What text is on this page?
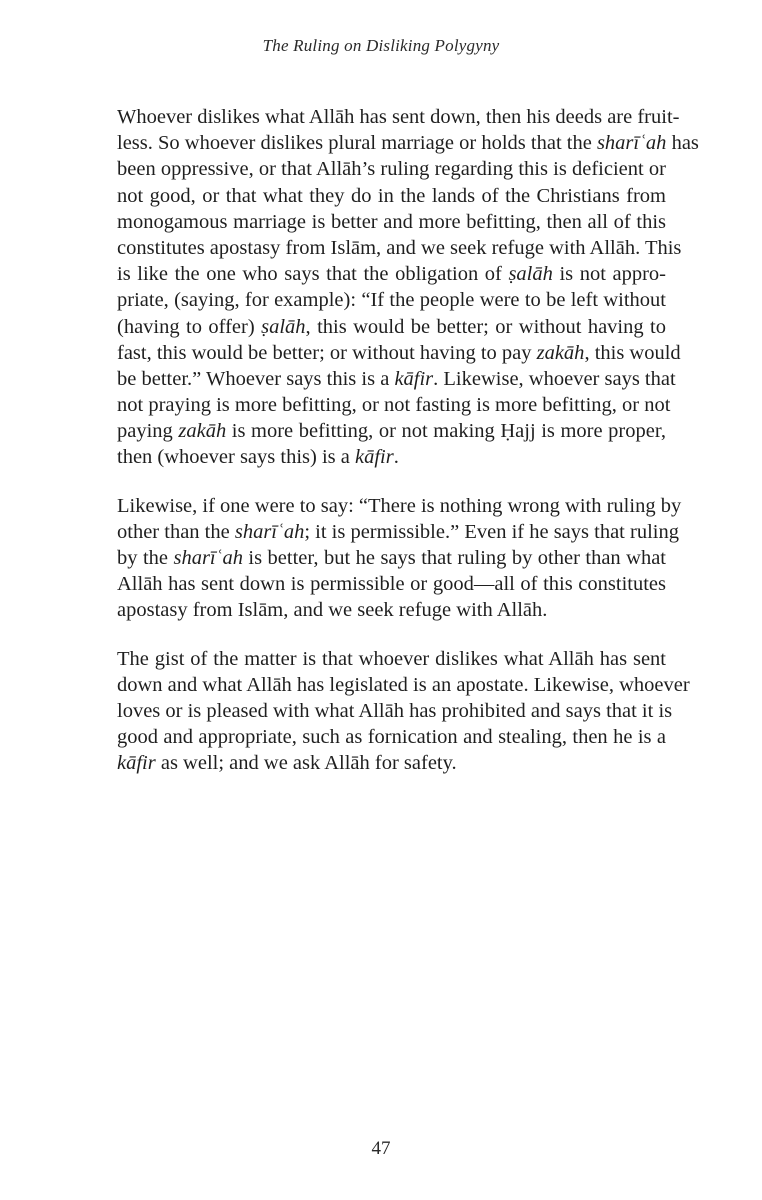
The Ruling on Disliking Polygyny
Whoever dislikes what Allāh has sent down, then his deeds are fruit-
less. So whoever dislikes plural marriage or holds that the sharīʿah has
been oppressive, or that Allāh’s ruling regarding this is deficient or
not good, or that what they do in the lands of the Christians from
monogamous marriage is better and more befitting, then all of this
constitutes apostasy from Islām, and we seek refuge with Allāh. This
is like the one who says that the obligation of ṣalāh is not appro-
priate, (saying, for example): “If the people were to be left without
(having to offer) ṣalāh, this would be better; or without having to
fast, this would be better; or without having to pay zakāh, this would
be better.” Whoever says this is a kāfir. Likewise, whoever says that
not praying is more befitting, or not fasting is more befitting, or not
paying zakāh is more befitting, or not making Ḥajj is more proper,
then (whoever says this) is a kāfir.
Likewise, if one were to say: “There is nothing wrong with ruling by
other than the sharīʿah; it is permissible.” Even if he says that ruling
by the sharīʿah is better, but he says that ruling by other than what
Allāh has sent down is permissible or good—all of this constitutes
apostasy from Islām, and we seek refuge with Allāh.
The gist of the matter is that whoever dislikes what Allāh has sent
down and what Allāh has legislated is an apostate. Likewise, whoever
loves or is pleased with what Allāh has prohibited and says that it is
good and appropriate, such as fornication and stealing, then he is a
kāfir as well; and we ask Allāh for safety.
47
